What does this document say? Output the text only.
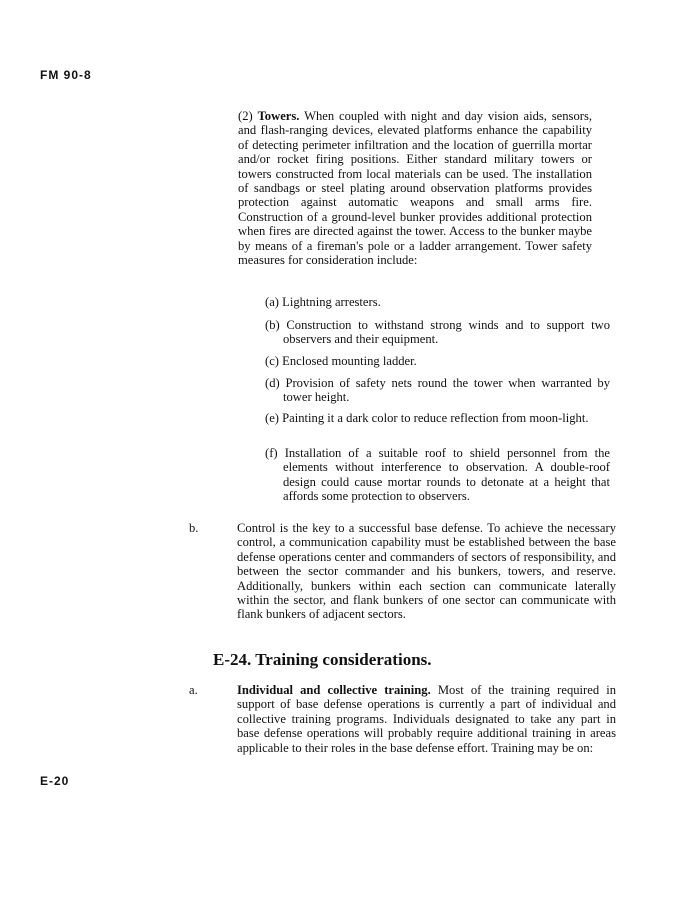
FM 90-8
(2) Towers. When coupled with night and day vision aids, sensors, and flash-ranging devices, elevated platforms enhance the capability of detecting perimeter infiltration and the location of guerrilla mortar and/or rocket firing positions. Either standard military towers or towers constructed from local materials can be used. The installation of sandbags or steel plating around observation platforms provides protection against automatic weapons and small arms fire. Construction of a ground-level bunker provides additional protection when fires are directed against the tower. Access to the bunker maybe by means of a fireman's pole or a ladder arrangement. Tower safety measures for consideration include:
(a) Lightning arresters.
(b) Construction to withstand strong winds and to support two observers and their equipment.
(c) Enclosed mounting ladder.
(d) Provision of safety nets round the tower when warranted by tower height.
(e) Painting it a dark color to reduce reflection from moon-light.
(f) Installation of a suitable roof to shield personnel from the elements without interference to observation. A double-roof design could cause mortar rounds to detonate at a height that affords some protection to observers.
b.	Control is the key to a successful base defense. To achieve the necessary control, a communication capability must be established between the base defense operations center and commanders of sectors of responsibility, and between the sector commander and his bunkers, towers, and reserve. Additionally, bunkers within each section can communicate laterally within the sector, and flank bunkers of one sector can communicate with flank bunkers of adjacent sectors.
E-24. Training considerations.
a.	Individual and collective training. Most of the training required in support of base defense operations is currently a part of individual and collective training programs. Individuals designated to take any part in base defense operations will probably require additional training in areas applicable to their roles in the base defense effort. Training may be on:
E-20
